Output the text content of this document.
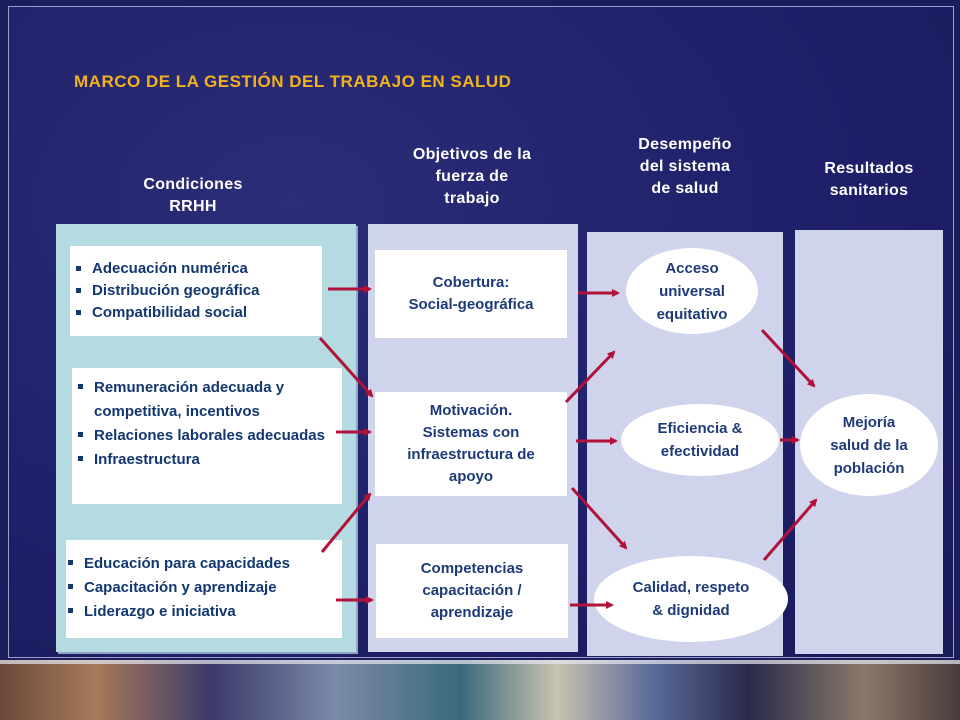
MARCO DE LA GESTIÓN DEL TRABAJO EN SALUD
Condiciones
RRHH
Objetivos de la
fuerza de
trabajo
Desempeño
del sistema
de salud
Resultados
sanitarios
Adecuación numérica
Distribución geográfica
Compatibilidad social
Remuneración adecuada y competitiva, incentivos
Relaciones laborales adecuadas
Infraestructura
Educación para capacidades
Capacitación y aprendizaje
Liderazgo e iniciativa
Cobertura:
Social-geográfica
Motivación.
Sistemas con
infraestructura de
apoyo
Competencias
capacitación /
aprendizaje
Acceso
universal
equitativo
Eficiencia &
efectividad
Calidad, respeto
& dignidad
Mejoría
salud de la
población
